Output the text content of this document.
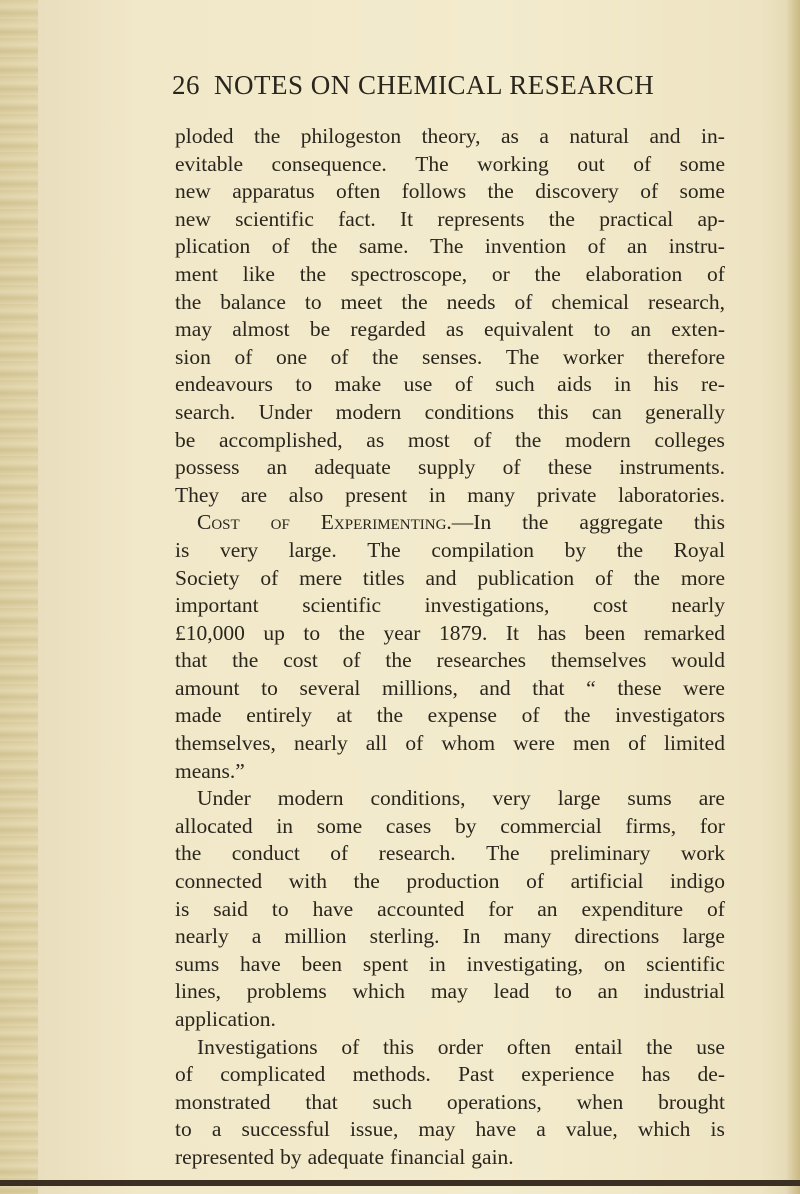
26 NOTES ON CHEMICAL RESEARCH
ploded the philogeston theory, as a natural and in-
evitable consequence. The working out of some
new apparatus often follows the discovery of some
new scientific fact. It represents the practical ap-
plication of the same. The invention of an instru-
ment like the spectroscope, or the elaboration of
the balance to meet the needs of chemical research,
may almost be regarded as equivalent to an exten-
sion of one of the senses. The worker therefore
endeavours to make use of such aids in his re-
search. Under modern conditions this can generally
be accomplished, as most of the modern colleges
possess an adequate supply of these instruments.
They are also present in many private laboratories.
Cost of Experimenting.—In the aggregate this
is very large. The compilation by the Royal
Society of mere titles and publication of the more
important scientific investigations, cost nearly
£10,000 up to the year 1879. It has been remarked
that the cost of the researches themselves would
amount to several millions, and that “ these were
made entirely at the expense of the investigators
themselves, nearly all of whom were men of limited
means.”
Under modern conditions, very large sums are
allocated in some cases by commercial firms, for
the conduct of research. The preliminary work
connected with the production of artificial indigo
is said to have accounted for an expenditure of
nearly a million sterling. In many directions large
sums have been spent in investigating, on scientific
lines, problems which may lead to an industrial
application.
Investigations of this order often entail the use
of complicated methods. Past experience has de-
monstrated that such operations, when brought
to a successful issue, may have a value, which is
represented by adequate financial gain.
